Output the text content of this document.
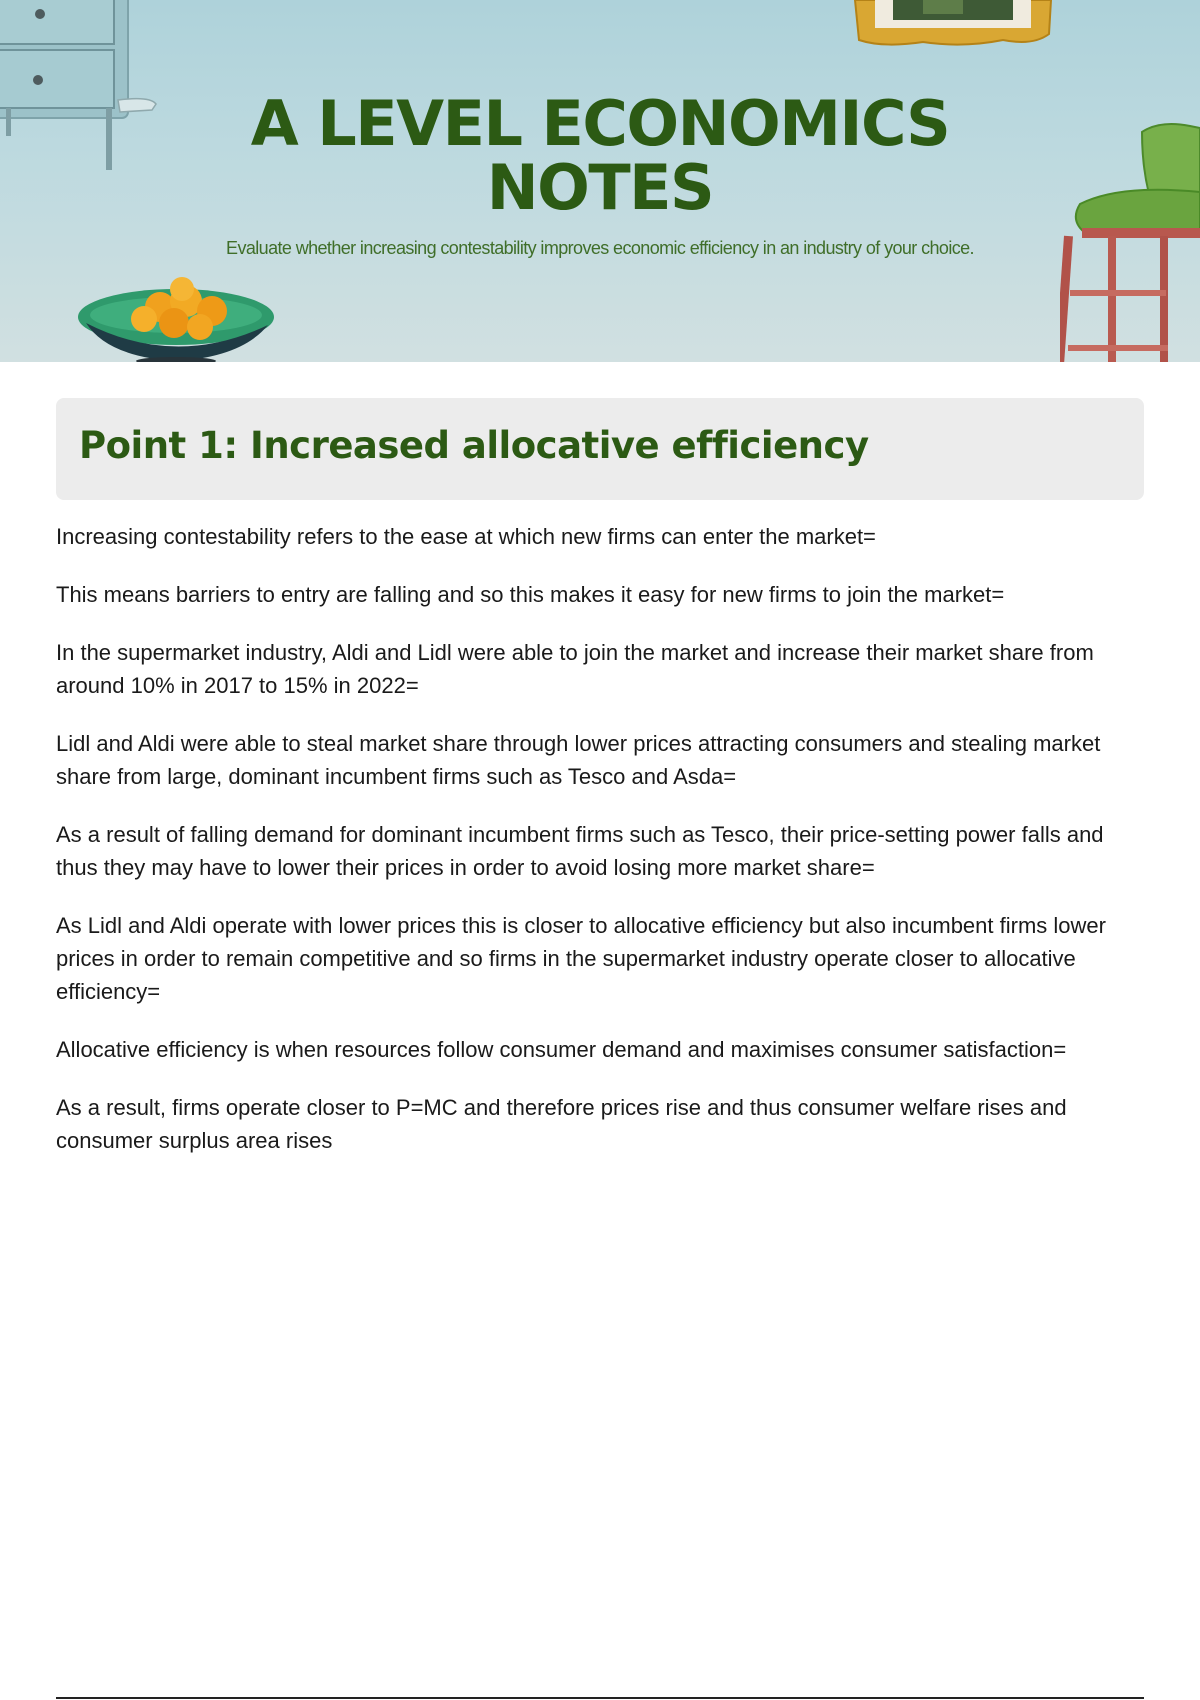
A LEVEL ECONOMICS
NOTES

Evaluate whether increasing contestability improves economic efficiency in an industry of your choice.

Point 1: Increased allocative efficiency

Increasing contestability refers to the ease at which new firms can enter the market=

This means barriers to entry are falling and so this makes it easy for new firms to join the market=

In the supermarket industry, Aldi and Lidl were able to join the market and increase their market share from around 10% in 2017 to 15% in 2022=

Lidl and Aldi were able to steal market share through lower prices attracting consumers and stealing market share from large, dominant incumbent firms such as Tesco and Asda=

As a result of falling demand for dominant incumbent firms such as Tesco, their price-setting power falls and thus they may have to lower their prices in order to avoid losing more market share=

As Lidl and Aldi operate with lower prices this is closer to allocative efficiency but also incumbent firms lower prices in order to remain competitive and so firms in the supermarket industry operate closer to allocative efficiency=

Allocative efficiency is when resources follow consumer demand and maximises consumer satisfaction=

As a result, firms operate closer to P=MC and therefore prices rise and thus consumer welfare rises and consumer surplus area rises
